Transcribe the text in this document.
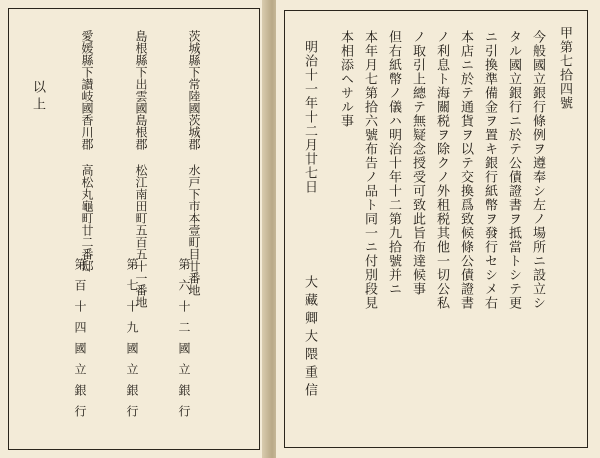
甲第七拾四號
今般國立銀行條例ヲ遵奉シ左ノ場所ニ設立シ
タル國立銀行ニ於テ公債證書ヲ抵當トシテ更
ニ引換準備金ヲ置キ銀行紙幣ヲ發行セシメ右
本店ニ於テ通貨ヲ以テ交換爲致候條公債證書
ノ利息ト海關税ヲ除クノ外租税其他一切公私
ノ取引上總テ無疑念授受可致此旨布達候事
但右紙幣ノ儀ハ明治十年十二第九拾號并ニ
本年月七第拾六號布告ノ品ト同一ニ付別段見
本相添ヘサル事
明治十一年十二月廿七日
大藏卿大隈重信
茨城縣下常陸國茨城郡 水戸下市本壹町目廿番地
第六十二國立銀行
島根縣下出雲國島根郡 松江南田町五百五十一番地
第七十九國立銀行
愛媛縣下讃岐國香川郡 高松丸龜町廿二番邸
第百十四國立銀行
以上
